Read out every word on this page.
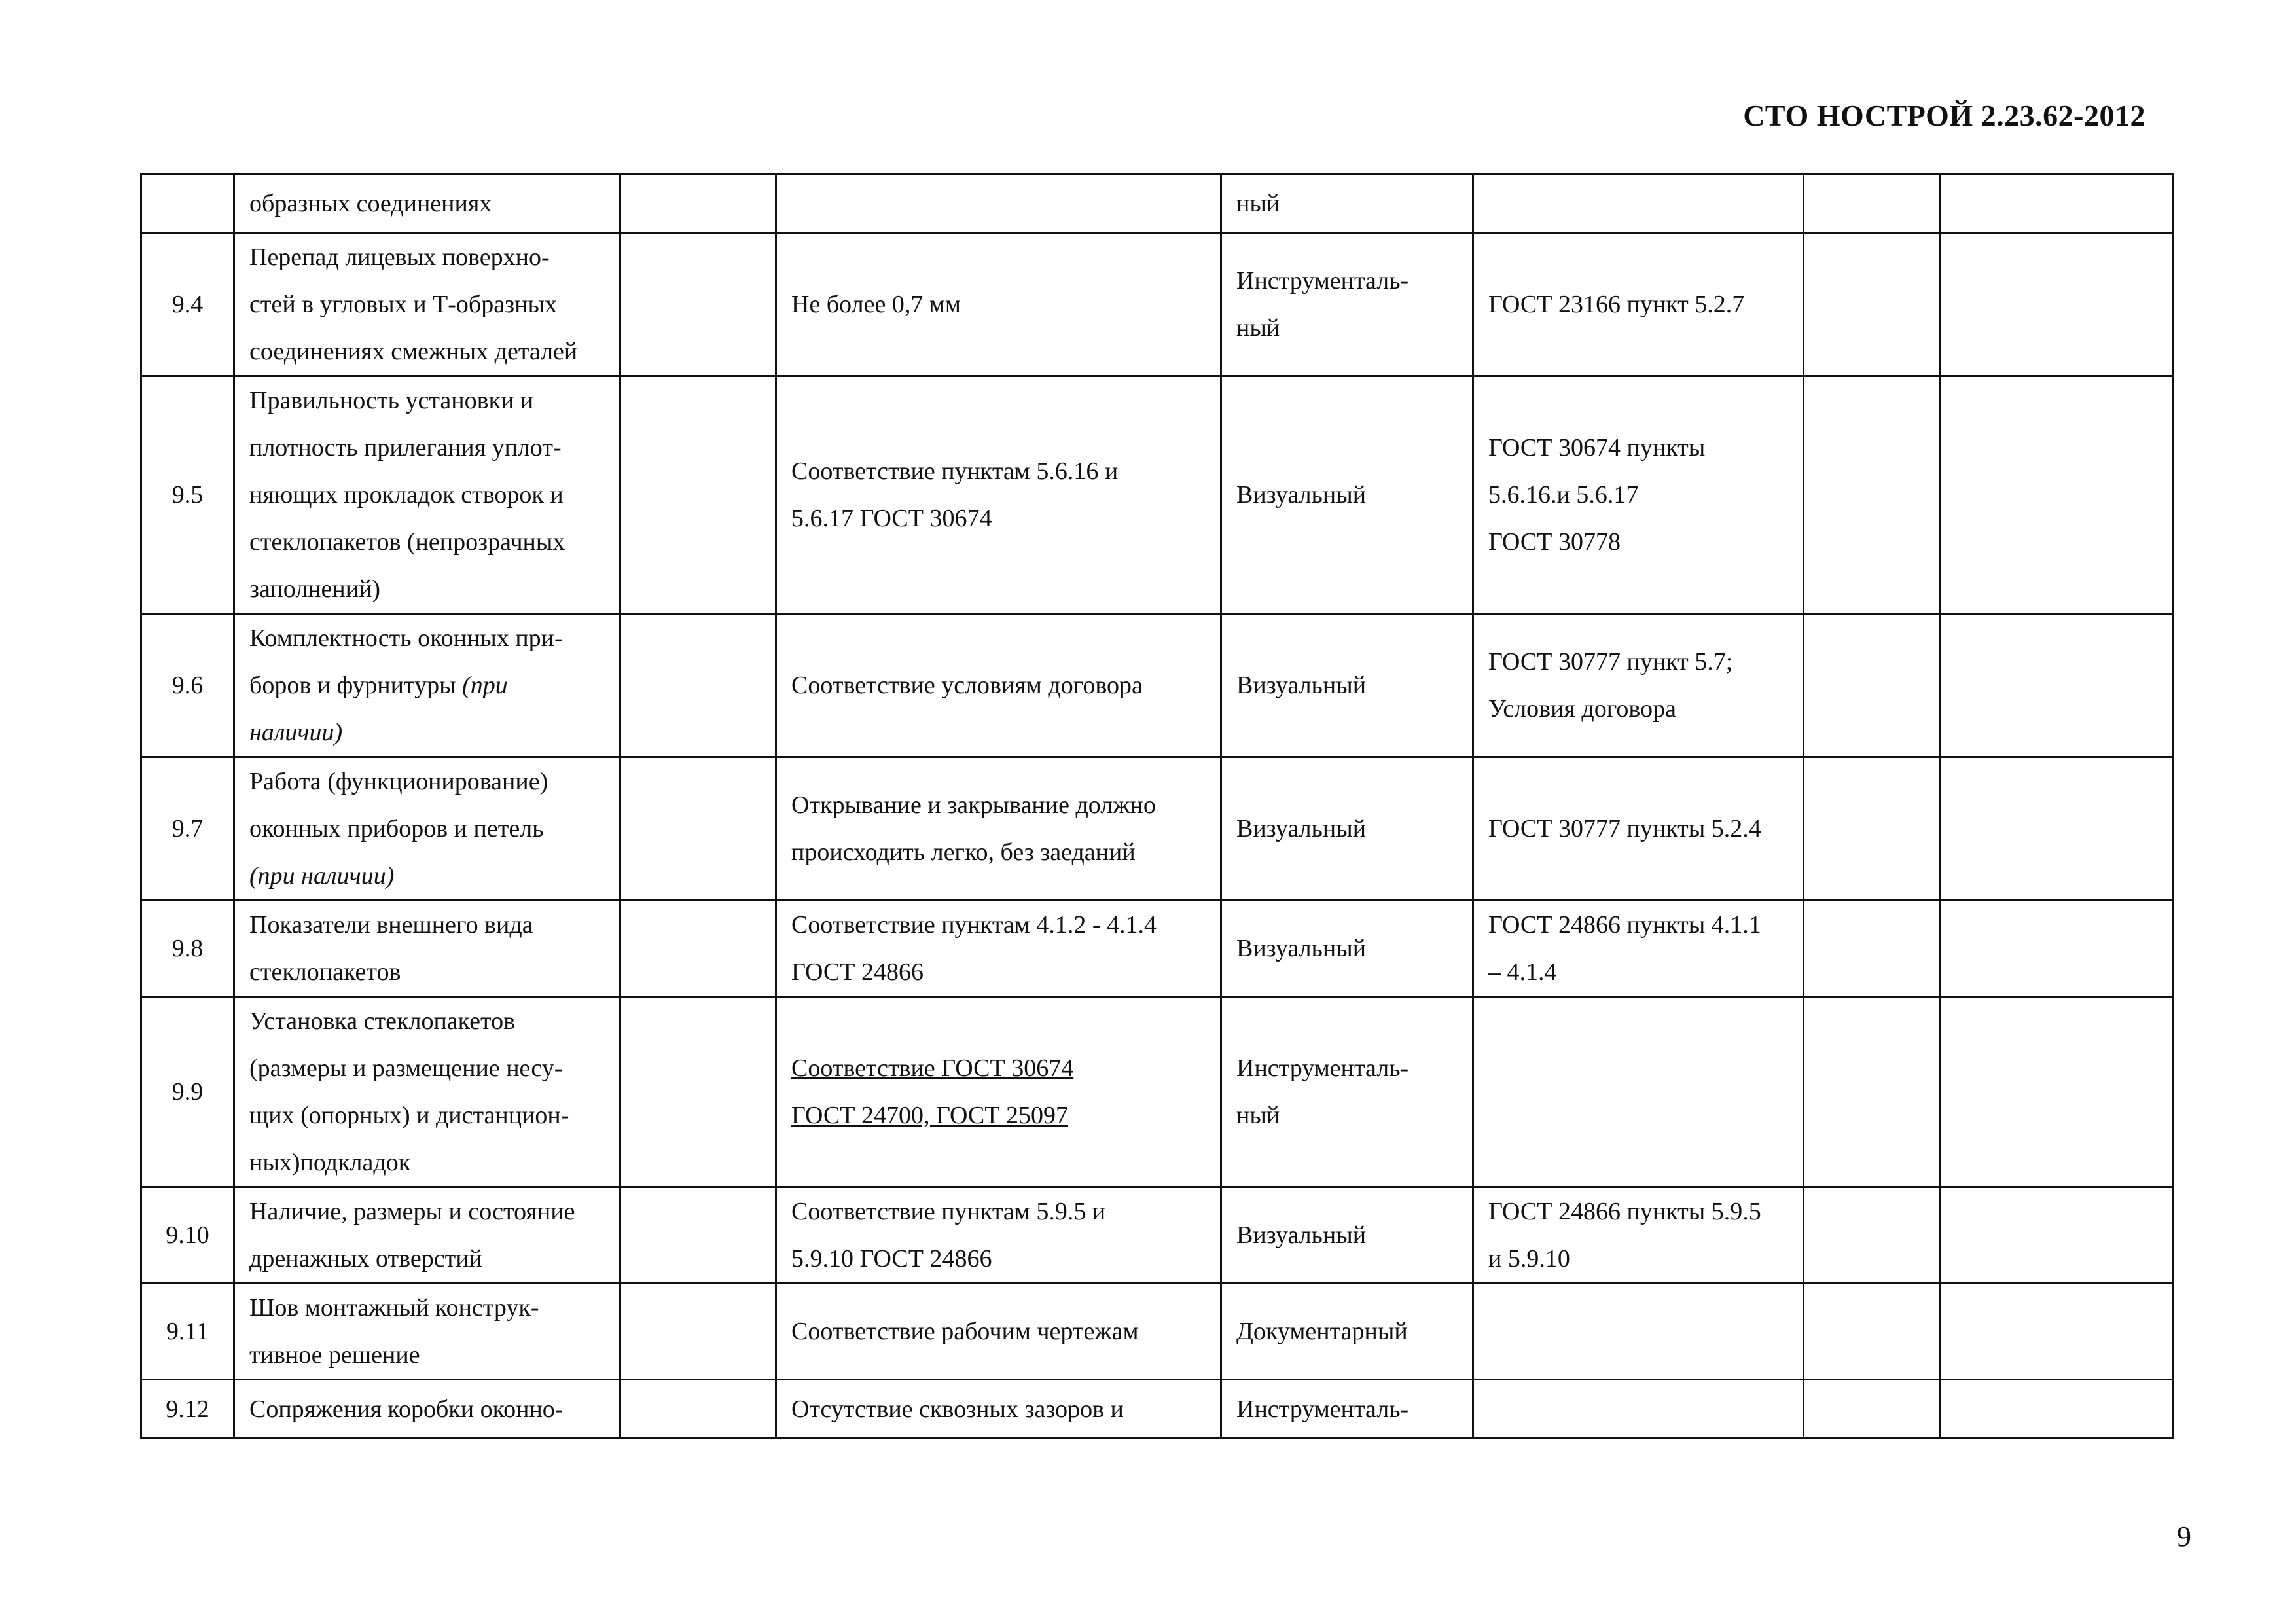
СТО НОСТРОЙ 2.23.62-2012

	образных соединениях			ный			

9.4	Перепад лицевых поверхно-
стей в угловых и Т-образных
соединениях смежных деталей		Не более 0,7 мм	Инструменталь-
ный	ГОСТ 23166 пункт 5.2.7		

9.5	Правильность установки и
плотность прилегания уплот-
няющих прокладок створок и
стеклопакетов (непрозрачных
заполнений)		Соответствие пунктам 5.6.16 и
5.6.17 ГОСТ 30674	Визуальный	ГОСТ 30674 пункты
5.6.16.и 5.6.17
ГОСТ 30778		

9.6	Комплектность оконных при-
боров и фурнитуры (при
наличии)		Соответствие условиям договора	Визуальный	ГОСТ 30777 пункт 5.7;
Условия договора		

9.7	Работа (функционирование)
оконных приборов и петель
(при наличии)		Открывание и закрывание должно
происходить легко, без заеданий	Визуальный	ГОСТ 30777 пункты 5.2.4		

9.8	Показатели внешнего вида
стеклопакетов		Соответствие пунктам 4.1.2 - 4.1.4
ГОСТ 24866	Визуальный	ГОСТ 24866 пункты 4.1.1
– 4.1.4		

9.9	Установка стеклопакетов
(размеры и размещение несу-
щих (опорных) и дистанцион-
ных)подкладок		Соответствие ГОСТ 30674
ГОСТ 24700, ГОСТ 25097	Инструменталь-
ный			

9.10	Наличие, размеры и состояние
дренажных отверстий		Соответствие пунктам 5.9.5 и
5.9.10 ГОСТ 24866	Визуальный	ГОСТ 24866 пункты 5.9.5
и 5.9.10		

9.11	Шов монтажный конструк-
тивное решение		Соответствие рабочим чертежам	Документарный			

9.12	Сопряжения коробки оконно-		Отсутствие сквозных зазоров и	Инструменталь-			

9
